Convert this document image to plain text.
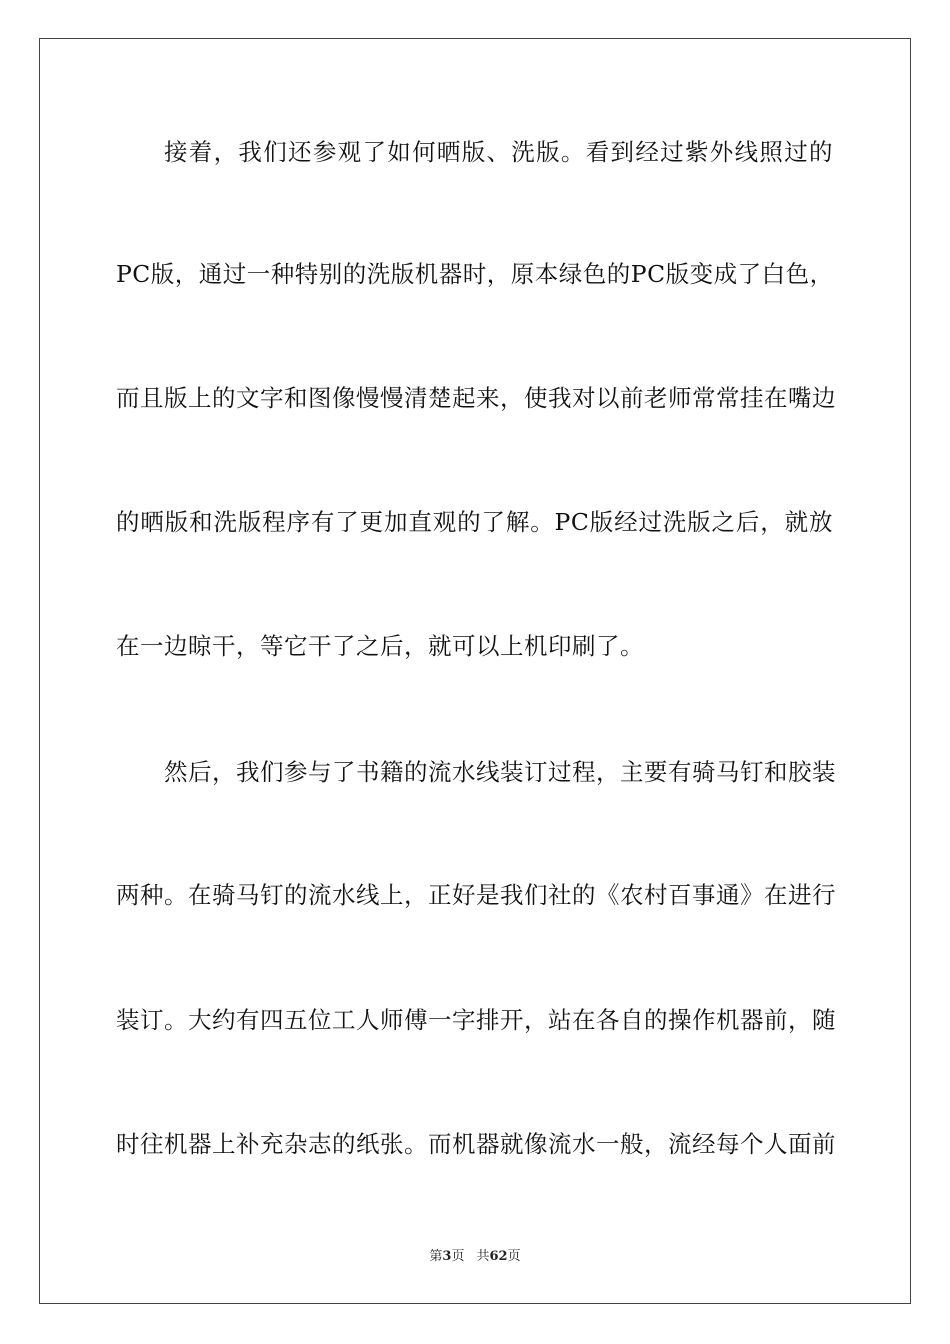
接着，我们还参观了如何晒版、洗版。看到经过紫外线照过的
PC版，通过一种特别的洗版机器时，原本绿色的PC版变成了白色，
而且版上的文字和图像慢慢清楚起来，使我对以前老师常常挂在嘴边
的晒版和洗版程序有了更加直观的了解。PC版经过洗版之后，就放
在一边晾干，等它干了之后，就可以上机印刷了。
然后，我们参与了书籍的流水线装订过程，主要有骑马钉和胶装
两种。在骑马钉的流水线上，正好是我们社的《农村百事通》在进行
装订。大约有四五位工人师傅一字排开，站在各自的操作机器前，随
时往机器上补充杂志的纸张。而机器就像流水一般，流经每个人面前
第3页 共62页
